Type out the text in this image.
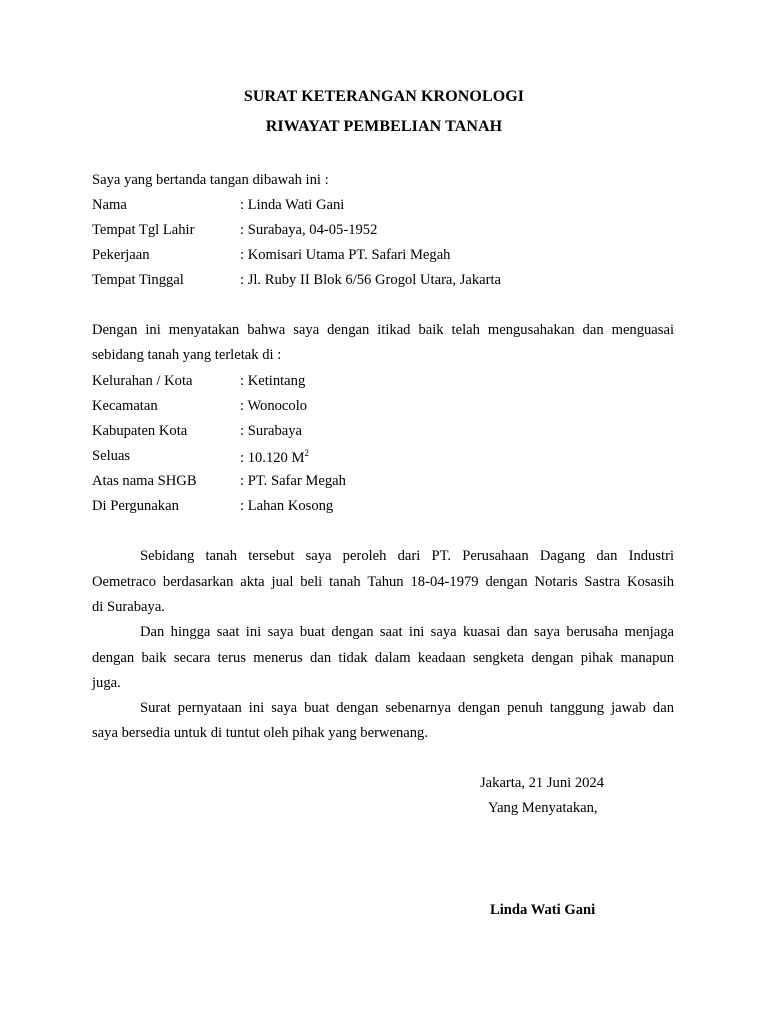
SURAT KETERANGAN KRONOLOGI
RIWAYAT PEMBELIAN TANAH
Saya yang bertanda tangan dibawah ini :
Nama	: Linda Wati Gani
Tempat Tgl Lahir	: Surabaya, 04-05-1952
Pekerjaan	: Komisari Utama PT. Safari Megah
Tempat Tinggal	: Jl. Ruby II Blok 6/56 Grogol Utara, Jakarta
Dengan ini menyatakan bahwa saya dengan itikad baik telah mengusahakan dan menguasai
sebidang tanah yang terletak di :
Kelurahan / Kota	: Ketintang
Kecamatan	: Wonocolo
Kabupaten Kota	: Surabaya
Seluas	: 10.120 $M^2$
Atas nama SHGB	: PT. Safar Megah
Di Pergunakan	: Lahan Kosong
Sebidang tanah tersebut saya peroleh dari PT. Perusahaan Dagang dan Industri
Oemetraco berdasarkan akta jual beli tanah Tahun 18-04-1979 dengan Notaris Sastra Kosasih
di Surabaya.
Dan hingga saat ini saya buat dengan saat ini saya kuasai dan saya berusaha menjaga
dengan baik secara terus menerus dan tidak dalam keadaan sengketa dengan pihak manapun
juga.
Surat pernyataan ini saya buat dengan sebenarnya dengan penuh tanggung jawab dan
saya bersedia untuk di tuntut oleh pihak yang berwenang.
Jakarta, 21 Juni 2024
Yang Menyatakan,
Linda Wati Gani
